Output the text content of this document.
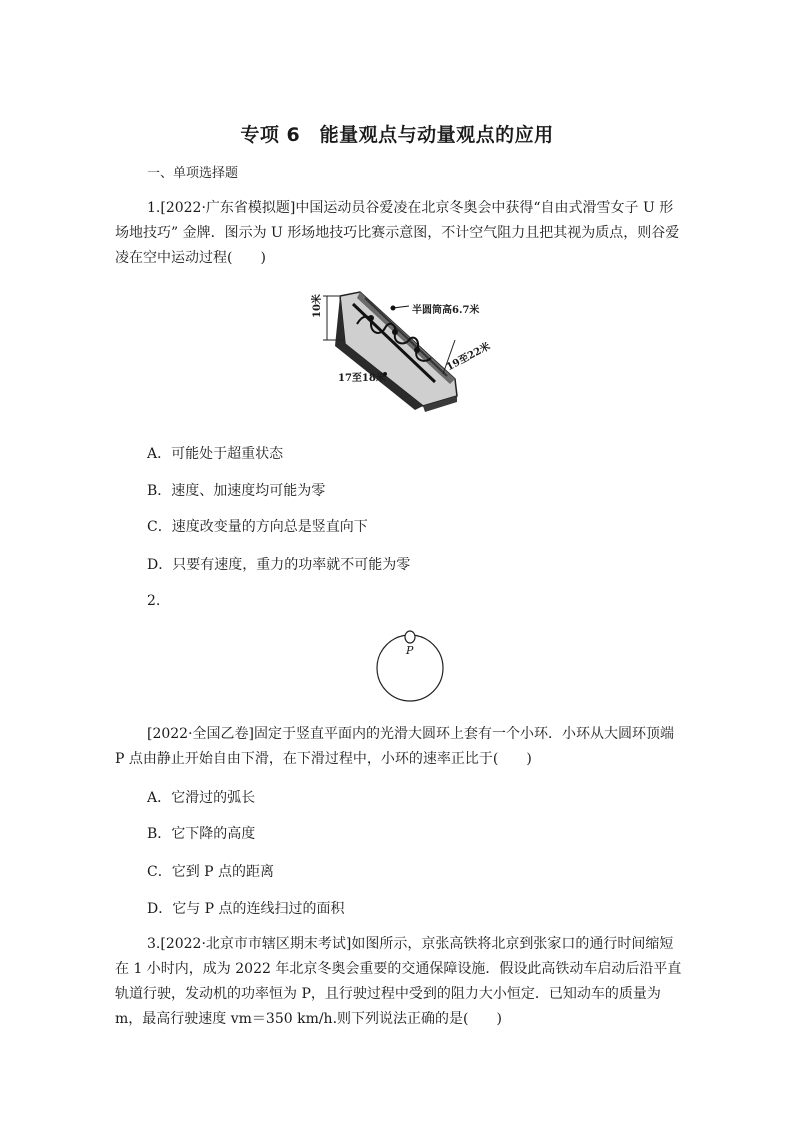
专项 6　能量观点与动量观点的应用
一、单项选择题
1.[2022·广东省模拟题]中国运动员谷爱凌在北京冬奥会中获得“自由式滑雪女子 U 形场地技巧” 金牌．图示为 U 形场地技巧比赛示意图，不计空气阻力且把其视为质点，则谷爱凌在空中运动过程(　　)
10米	半圆筒高6.7米
17至18米
19至22米
A．可能处于超重状态
B．速度、加速度均可能为零
C．速度改变量的方向总是竖直向下
D．只要有速度，重力的功率就不可能为零
2.
P
[2022·全国乙卷]固定于竖直平面内的光滑大圆环上套有一个小环．小环从大圆环顶端 P 点由静止开始自由下滑，在下滑过程中，小环的速率正比于(　　)
A．它滑过的弧长
B．它下降的高度
C．它到 P 点的距离
D．它与 P 点的连线扫过的面积
3.[2022·北京市市辖区期末考试]如图所示，京张高铁将北京到张家口的通行时间缩短在 1 小时内，成为 2022 年北京冬奥会重要的交通保障设施．假设此高铁动车启动后沿平直轨道行驶，发动机的功率恒为 P，且行驶过程中受到的阻力大小恒定．已知动车的质量为 m，最高行驶速度 vm＝350 km/h.则下列说法正确的是(　　)
